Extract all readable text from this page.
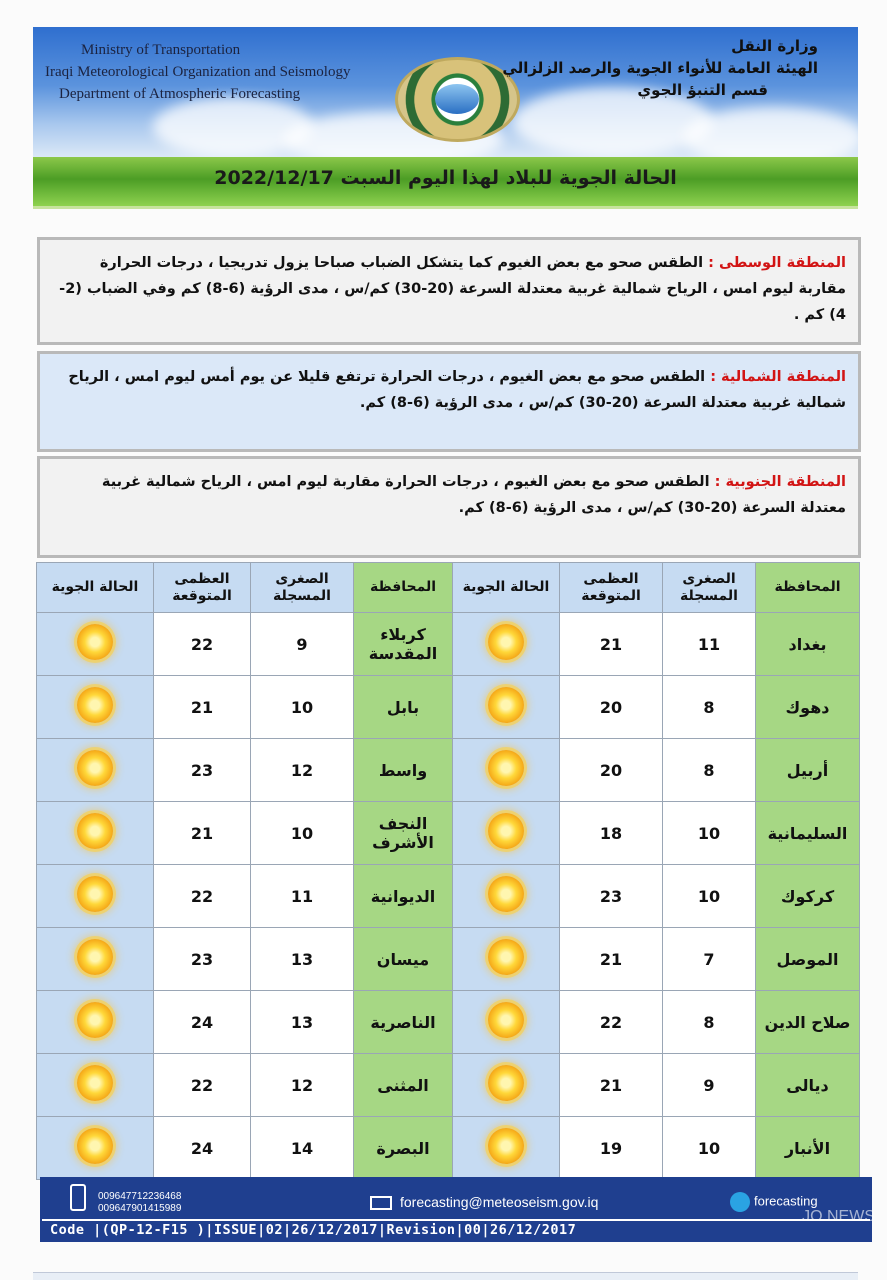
Ministry of Transportation
Iraqi Meteorological Organization and Seismology
Department of Atmospheric Forecasting
وزارة النقل
الهيئة العامة للأنواء الجوية والرصد الزلزالي
قسم التنبؤ الجوي
الحالة الجوية للبلاد لهذا اليوم السبت 2022/12/17
المنطقة الوسطى : الطقس صحو مع بعض الغيوم كما يتشكل الضباب صباحا يزول تدريجيا ، درجات الحرارة مقاربة ليوم امس ، الرياح شمالية غربية معتدلة السرعة (20-30) كم/س ، مدى الرؤية (6-8) كم وفي الضباب (2-4) كم .
المنطقة الشمالية : الطقس صحو مع بعض الغيوم ، درجات الحرارة ترتفع قليلا عن يوم أمس ليوم امس ، الرياح شمالية غربية معتدلة السرعة (20-30) كم/س ، مدى الرؤية (6-8) كم.
المنطقة الجنوبية : الطقس صحو مع بعض الغيوم ، درجات الحرارة مقاربة ليوم امس ، الرياح شمالية غربية معتدلة السرعة (20-30) كم/س ، مدى الرؤية (6-8) كم.
المحافظة	الصغرى المسجلة	العظمى المتوقعة	الحالة الجوية	المحافظة	الصغرى المسجلة	العظمى المتوقعة	الحالة الجوية
بغداد	11	21		كربلاء المقدسة	9	22	
دهوك	8	20		بابل	10	21	
أربيل	8	20		واسط	12	23	
السليمانية	10	18		النجف الأشرف	10	21	
كركوك	10	23		الديوانية	11	22	
الموصل	7	21		ميسان	13	23	
صلاح الدين	8	22		الناصرية	13	24	
ديالى	9	21		المثنى	12	22	
الأنبار	10	19		البصرة	14	24	
009647712236468
009647901415989	forecasting@meteoseism.gov.iq	forecasting
Code |(QP-12-F15 )|ISSUE|02|26/12/2017|Revision|00|26/12/2017
JO NEWS
